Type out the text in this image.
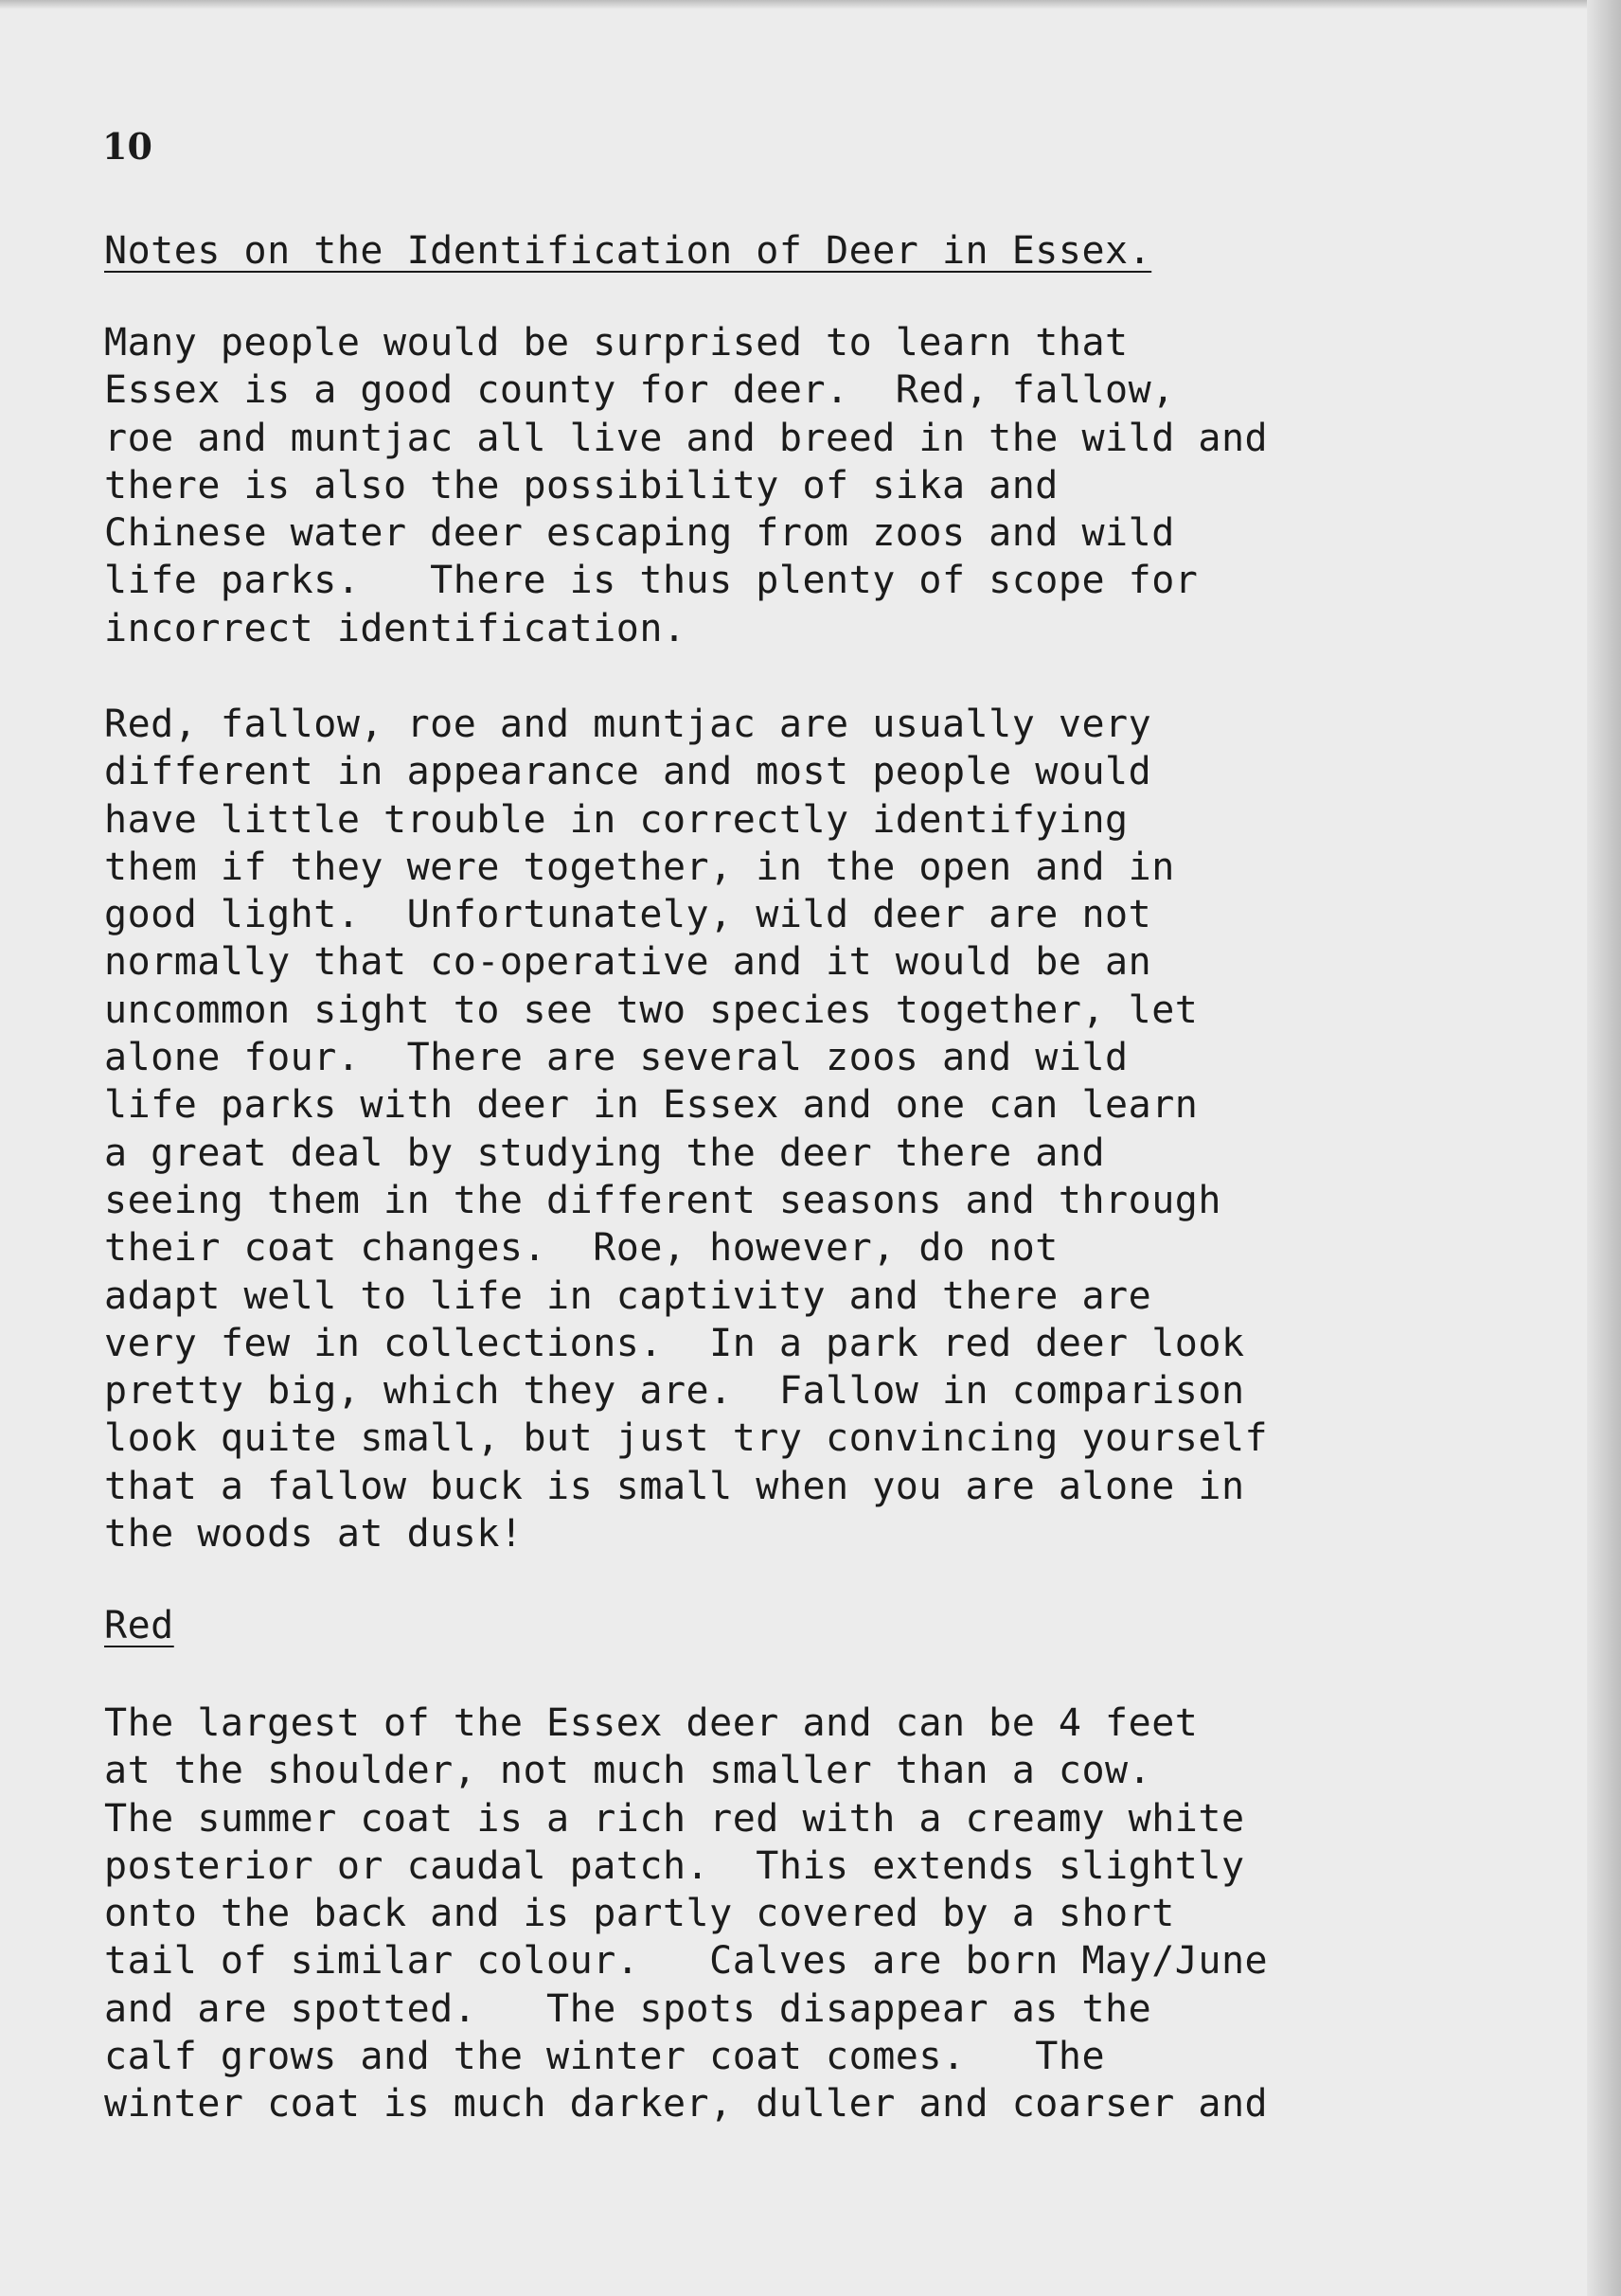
10

Notes on the Identification of Deer in Essex.

Many people would be surprised to learn that
Essex is a good county for deer.  Red, fallow,
roe and muntjac all live and breed in the wild and
there is also the possibility of sika and
Chinese water deer escaping from zoos and wild
life parks.   There is thus plenty of scope for
incorrect identification.

Red, fallow, roe and muntjac are usually very
different in appearance and most people would
have little trouble in correctly identifying
them if they were together, in the open and in
good light.  Unfortunately, wild deer are not
normally that co-operative and it would be an
uncommon sight to see two species together, let
alone four.  There are several zoos and wild
life parks with deer in Essex and one can learn
a great deal by studying the deer there and
seeing them in the different seasons and through
their coat changes.  Roe, however, do not
adapt well to life in captivity and there are
very few in collections.  In a park red deer look
pretty big, which they are.  Fallow in comparison
look quite small, but just try convincing yourself
that a fallow buck is small when you are alone in
the woods at dusk!

Red

The largest of the Essex deer and can be 4 feet
at the shoulder, not much smaller than a cow.
The summer coat is a rich red with a creamy white
posterior or caudal patch.  This extends slightly
onto the back and is partly covered by a short
tail of similar colour.   Calves are born May/June
and are spotted.   The spots disappear as the
calf grows and the winter coat comes.   The
winter coat is much darker, duller and coarser and
